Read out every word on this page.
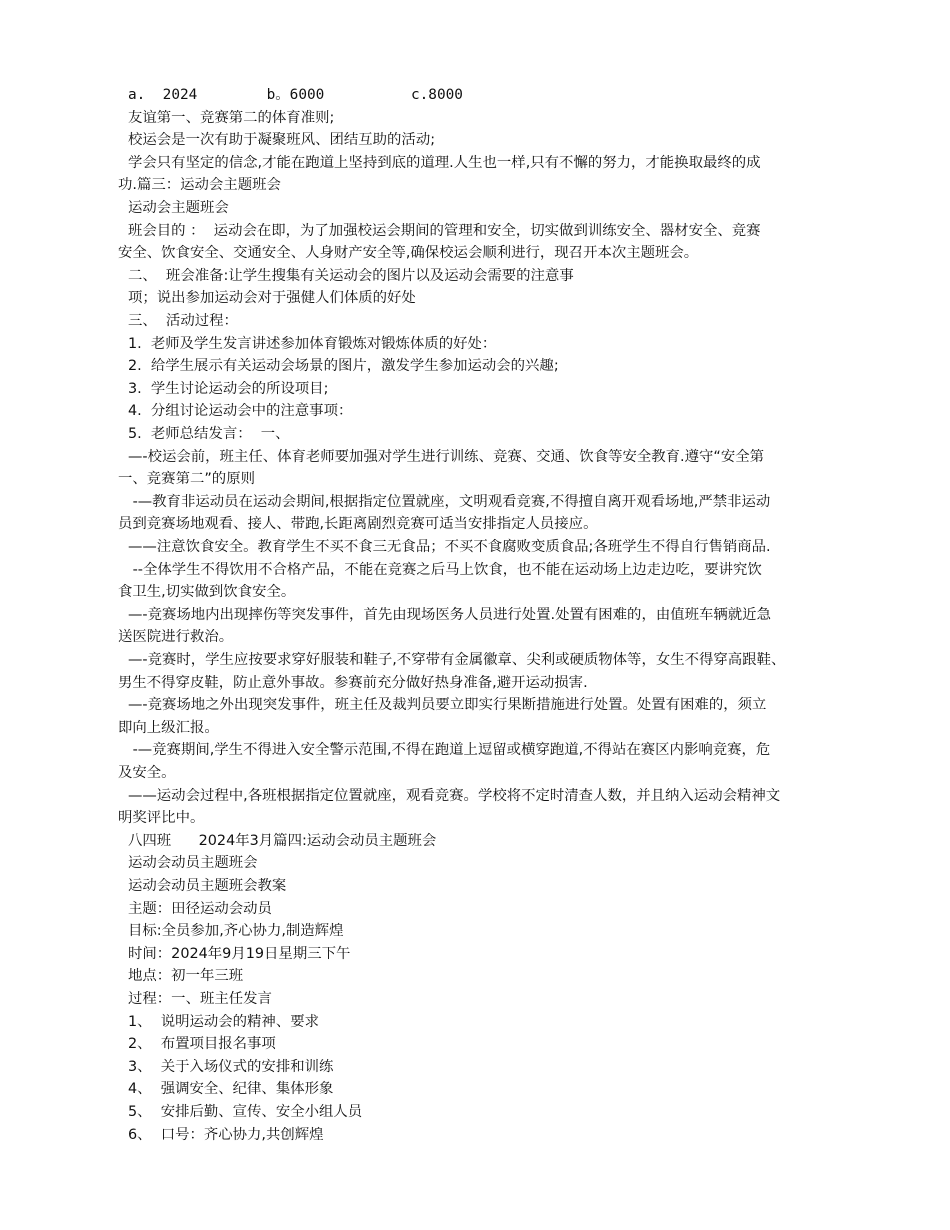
a.  2024        b。6000          c.8000
友谊第一、竞赛第二的体育准则;
校运会是一次有助于凝聚班风、团结互助的活动;
学会只有坚定的信念,才能在跑道上坚持到底的道理.人生也一样,只有不懈的努力，才能换取最终的成
功.篇三：运动会主题班会
运动会主题班会
班会目的 ：  运动会在即，为了加强校运会期间的管理和安全，切实做到训练安全、器材安全、竞赛
安全、饮食安全、交通安全、人身财产安全等,确保校运会顺利进行，现召开本次主题班会。
二、  班会准备:让学生搜集有关运动会的图片以及运动会需要的注意事
项；说出参加运动会对于强健人们体质的好处
三、  活动过程：
1.  老师及学生发言讲述参加体育锻炼对锻炼体质的好处：
2.  给学生展示有关运动会场景的图片，激发学生参加运动会的兴趣;
3.  学生讨论运动会的所设项目;
4.  分组讨论运动会中的注意事项：
5.  老师总结发言：  一、
—-校运会前，班主任、体育老师要加强对学生进行训练、竞赛、交通、饮食等安全教育.遵守“安全第
一、竞赛第二”的原则
-—教育非运动员在运动会期间,根据指定位置就座，文明观看竞赛,不得擅自离开观看场地,严禁非运动
员到竞赛场地观看、接人、带跑,长距离剧烈竞赛可适当安排指定人员接应。
——注意饮食安全。教育学生不买不食三无食品；不买不食腐败变质食品;各班学生不得自行售销商品.
--全体学生不得饮用不合格产品，不能在竞赛之后马上饮食，也不能在运动场上边走边吃，要讲究饮
食卫生,切实做到饮食安全。
—-竞赛场地内出现摔伤等突发事件，首先由现场医务人员进行处置.处置有困难的，由值班车辆就近急
送医院进行救治。
—-竞赛时，学生应按要求穿好服装和鞋子,不穿带有金属徽章、尖利或硬质物体等，女生不得穿高跟鞋、
男生不得穿皮鞋，防止意外事故。参赛前充分做好热身准备,避开运动损害.
—-竞赛场地之外出现突发事件，班主任及裁判员要立即实行果断措施进行处置。处置有困难的，须立
即向上级汇报。
-—竞赛期间,学生不得进入安全警示范围,不得在跑道上逗留或横穿跑道,不得站在赛区内影响竞赛，危
及安全。
——运动会过程中,各班根据指定位置就座，观看竞赛。学校将不定时清查人数，并且纳入运动会精神文
明奖评比中。
八四班      2024年3月篇四:运动会动员主题班会
运动会动员主题班会
运动会动员主题班会教案
主题：田径运动会动员
目标:全员参加,齐心协力,制造辉煌
时间：2024年9月19日星期三下午
地点：初一年三班
过程：一、班主任发言
1、  说明运动会的精神、要求
2、  布置项目报名事项
3、  关于入场仪式的安排和训练
4、  强调安全、纪律、集体形象
5、  安排后勤、宣传、安全小组人员
6、  口号：齐心协力,共创辉煌
